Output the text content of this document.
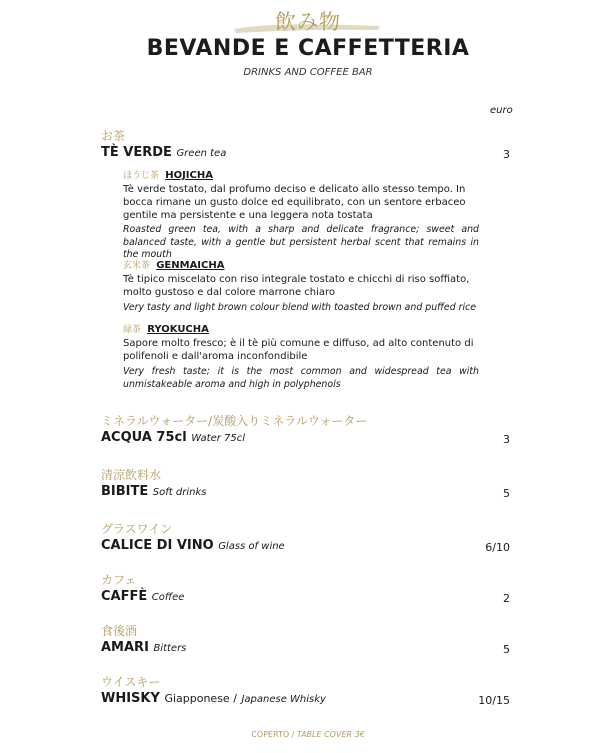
飲み物
BEVANDE E CAFFETTERIA
DRINKS AND COFFEE BAR
euro
お茶
TÈ VERDE Green tea	3
ほうじ茶 HOJICHA
Tè verde tostato, dal profumo deciso e delicato allo stesso tempo. In bocca rimane un gusto dolce ed equilibrato, con un sentore erbaceo gentile ma persistente e una leggera nota tostata
Roasted green tea, with a sharp and delicate fragrance; sweet and balanced taste, with a gentle but persistent herbal scent that remains in the mouth
玄米茶 GENMAICHA
Tè tipico miscelato con riso integrale tostato e chicchi di riso soffiato, molto gustoso e dal colore marrone chiaro
Very tasty and light brown colour blend with toasted brown and puffed rice
緑茶 RYOKUCHA
Sapore molto fresco; è il tè più comune e diffuso, ad alto contenuto di polifenoli e dall'aroma inconfondibile
Very fresh taste; it is the most common and widespread tea with unmistakeable aroma and high in polyphenols
ミネラルウォーター/炭酸入りミネラルウォーター
ACQUA 75cl Water 75cl	3
清涼飲料水
BIBITE Soft drinks	5
グラスワイン
CALICE DI VINO Glass of wine	6/10
カフェ
CAFFÈ Coffee	2
食後酒
AMARI Bitters	5
ウイスキー
WHISKY Giapponese / Japanese Whisky	10/15
COPERTO / TABLE COVER 3€
